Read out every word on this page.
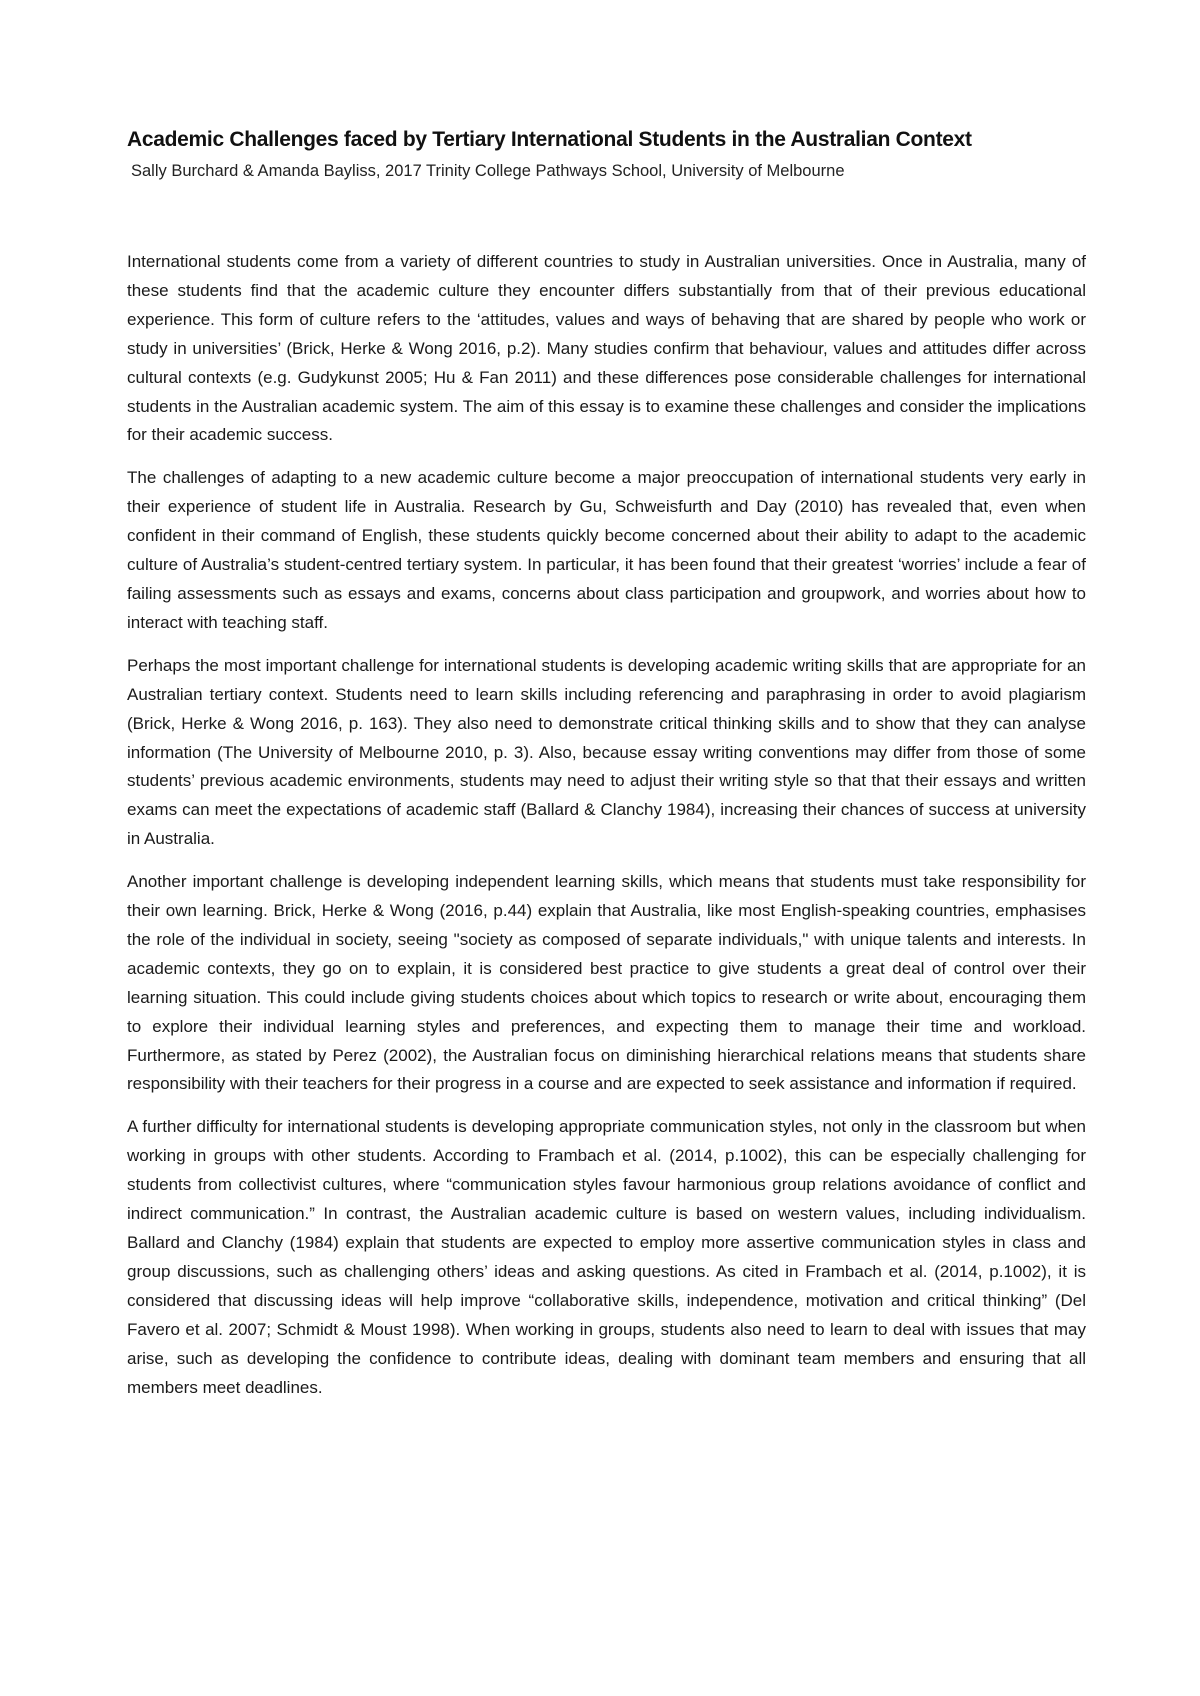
Academic Challenges faced by Tertiary International Students in the Australian Context

Sally Burchard & Amanda Bayliss, 2017 Trinity College Pathways School, University of Melbourne

International students come from a variety of different countries to study in Australian universities. Once in Australia, many of these students find that the academic culture they encounter differs substantially from that of their previous educational experience. This form of culture refers to the ‘attitudes, values and ways of behaving that are shared by people who work or study in universities’ (Brick, Herke & Wong 2016, p.2). Many studies confirm that behaviour, values and attitudes differ across cultural contexts (e.g. Gudykunst 2005; Hu & Fan 2011) and these differences pose considerable challenges for international students in the Australian academic system. The aim of this essay is to examine these challenges and consider the implications for their academic success.

The challenges of adapting to a new academic culture become a major preoccupation of international students very early in their experience of student life in Australia. Research by Gu, Schweisfurth and Day (2010) has revealed that, even when confident in their command of English, these students quickly become concerned about their ability to adapt to the academic culture of Australia’s student-centred tertiary system. In particular, it has been found that their greatest ‘worries’ include a fear of failing assessments such as essays and exams, concerns about class participation and groupwork, and worries about how to interact with teaching staff.

Perhaps the most important challenge for international students is developing academic writing skills that are appropriate for an Australian tertiary context. Students need to learn skills including referencing and paraphrasing in order to avoid plagiarism (Brick, Herke & Wong 2016, p. 163). They also need to demonstrate critical thinking skills and to show that they can analyse information (The University of Melbourne 2010, p. 3). Also, because essay writing conventions may differ from those of some students’ previous academic environments, students may need to adjust their writing style so that that their essays and written exams can meet the expectations of academic staff (Ballard & Clanchy 1984), increasing their chances of success at university in Australia.

Another important challenge is developing independent learning skills, which means that students must take responsibility for their own learning. Brick, Herke & Wong (2016, p.44) explain that Australia, like most English-speaking countries, emphasises the role of the individual in society, seeing "society as composed of separate individuals," with unique talents and interests. In academic contexts, they go on to explain, it is considered best practice to give students a great deal of control over their learning situation. This could include giving students choices about which topics to research or write about, encouraging them to explore their individual learning styles and preferences, and expecting them to manage their time and workload. Furthermore, as stated by Perez (2002), the Australian focus on diminishing hierarchical relations means that students share responsibility with their teachers for their progress in a course and are expected to seek assistance and information if required.

A further difficulty for international students is developing appropriate communication styles, not only in the classroom but when working in groups with other students. According to Frambach et al. (2014, p.1002), this can be especially challenging for students from collectivist cultures, where “communication styles favour harmonious group relations avoidance of conflict and indirect communication.” In contrast, the Australian academic culture is based on western values, including individualism. Ballard and Clanchy (1984) explain that students are expected to employ more assertive communication styles in class and group discussions, such as challenging others’ ideas and asking questions. As cited in Frambach et al. (2014, p.1002), it is considered that discussing ideas will help improve “collaborative skills, independence, motivation and critical thinking” (Del Favero et al. 2007; Schmidt & Moust 1998). When working in groups, students also need to learn to deal with issues that may arise, such as developing the confidence to contribute ideas, dealing with dominant team members and ensuring that all members meet deadlines.
